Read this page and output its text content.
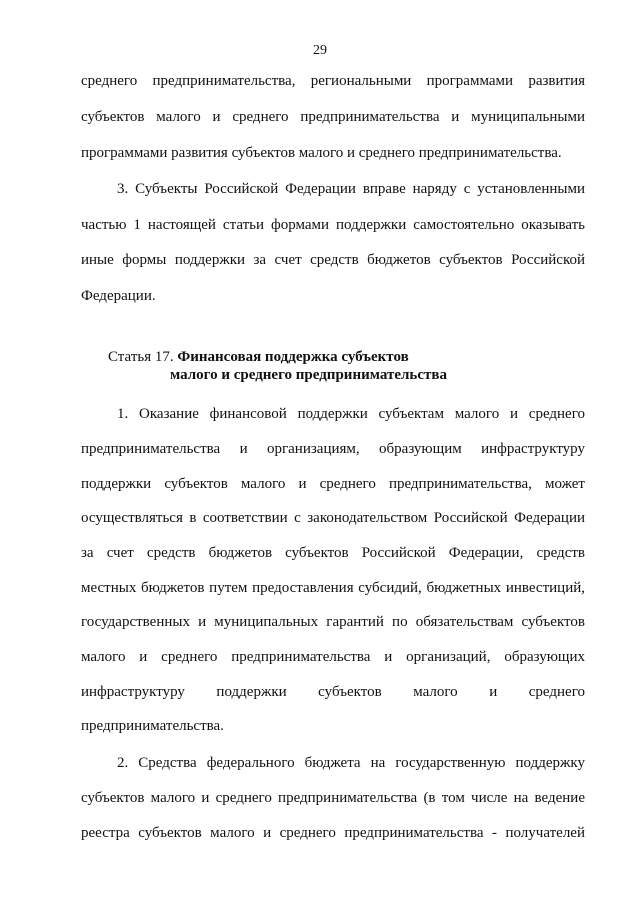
29
среднего предпринимательства, региональными программами развития
субъектов малого и среднего предпринимательства и муниципальными
программами развития субъектов малого и среднего предпринимательства.
3. Субъекты Российской Федерации вправе наряду с установленными
частью 1 настоящей статьи формами поддержки самостоятельно оказывать
иные формы поддержки за счет средств бюджетов субъектов Российской
Федерации.
Статья 17. Финансовая поддержка субъектов
малого и среднего предпринимательства
1. Оказание финансовой поддержки субъектам малого и среднего
предпринимательства и организациям, образующим инфраструктуру
поддержки субъектов малого и среднего предпринимательства, может
осуществляться в соответствии с законодательством Российской Федерации
за счет средств бюджетов субъектов Российской Федерации, средств
местных бюджетов путем предоставления субсидий, бюджетных инвестиций,
государственных и муниципальных гарантий по обязательствам субъектов
малого и среднего предпринимательства и организаций, образующих
инфраструктуру поддержки субъектов малого и среднего
предпринимательства.
2. Средства федерального бюджета на государственную поддержку
субъектов малого и среднего предпринимательства (в том числе на ведение
реестра субъектов малого и среднего предпринимательства - получателей
